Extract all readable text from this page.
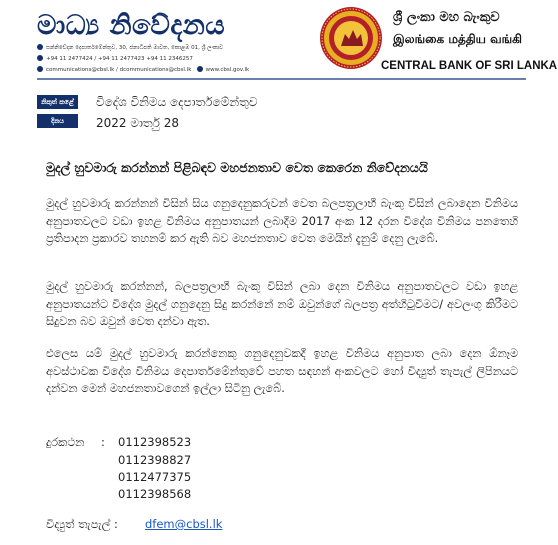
මාධ්‍ය නිවේදනය
සන්නිවේදන දෙපාර්තමේන්තුව, 30, ජනාධිපති මාවත, කොළඹ 01, ශ්‍රී ලංකාව
+94 11 2477424 / +94 11 2477423 +94 11 2346257
communications@cbsl.lk / dcommunications@cbsl.lk	www.cbsl.gov.lk
ශ්‍රී ලංකා මහ බැංකුව
இலங்கை மத்திய வங்கி
CENTRAL BANK OF SRI LANKA
නිකුත් කළේ	විදේශ විනිමය දෙපාර්තමේන්තුව
දිනය	2022 මාර්තු 28
මුදල් හුවමාරු කරන්නන් පිළිබඳව මහජනතාව වෙත කෙරෙන නිවේදනයයි

මුදල් හුවමාරු කරන්නන් විසින් සිය ගනුදෙනුකරුවන් වෙත බලපත්‍රලාභී බැංකු විසින් ලබාදෙන විනිමය අනුපාතවලට වඩා ඉහළ විනිමය අනුපාතයන් ලබාදීම 2017 අංක 12 දරන විදේශ විනිමය පනතෙහි ප්‍රතිපාදන ප්‍රකාරව තහනම් කර ඇති බව මහජනතාව වෙත මෙයින් දැනුම් දෙනු ලැබේ.

මුදල් හුවමාරු කරන්නන්, බලපත්‍රලාභී බැංකු විසින් ලබා දෙන විනිමය අනුපාතවලට වඩා ඉහළ අනුපාතයන්ට විදේශ මුදල් ගනුදෙනු සිදු කරන්නේ නම් ඔවුන්ගේ බලපත්‍ර අත්හිටුවීමට/ අවලංගු කිරීමට සිදුවන බව ඔවුන් වෙත දන්වා ඇත.

එලෙස යම් මුදල් හුවමාරු කරන්නෙකු ගනුදෙනුවකදී ඉහළ විනිමය අනුපාත ලබා දෙන ඕනෑම අවස්ථාවක විදේශ විනිමය දෙපාර්තමේන්තුවේ පහත සඳහන් අංකවලට හෝ විද්‍යුත් තැපැල් ලිපිනයට දන්වන මෙන් මහජනතාවගෙන් ඉල්ලා සිටිනු ලැබේ.

දුරකථන : 0112398523
0112398827
0112477375
0112398568
විද්‍යුත් තැපැල් : dfem@cbsl.lk
